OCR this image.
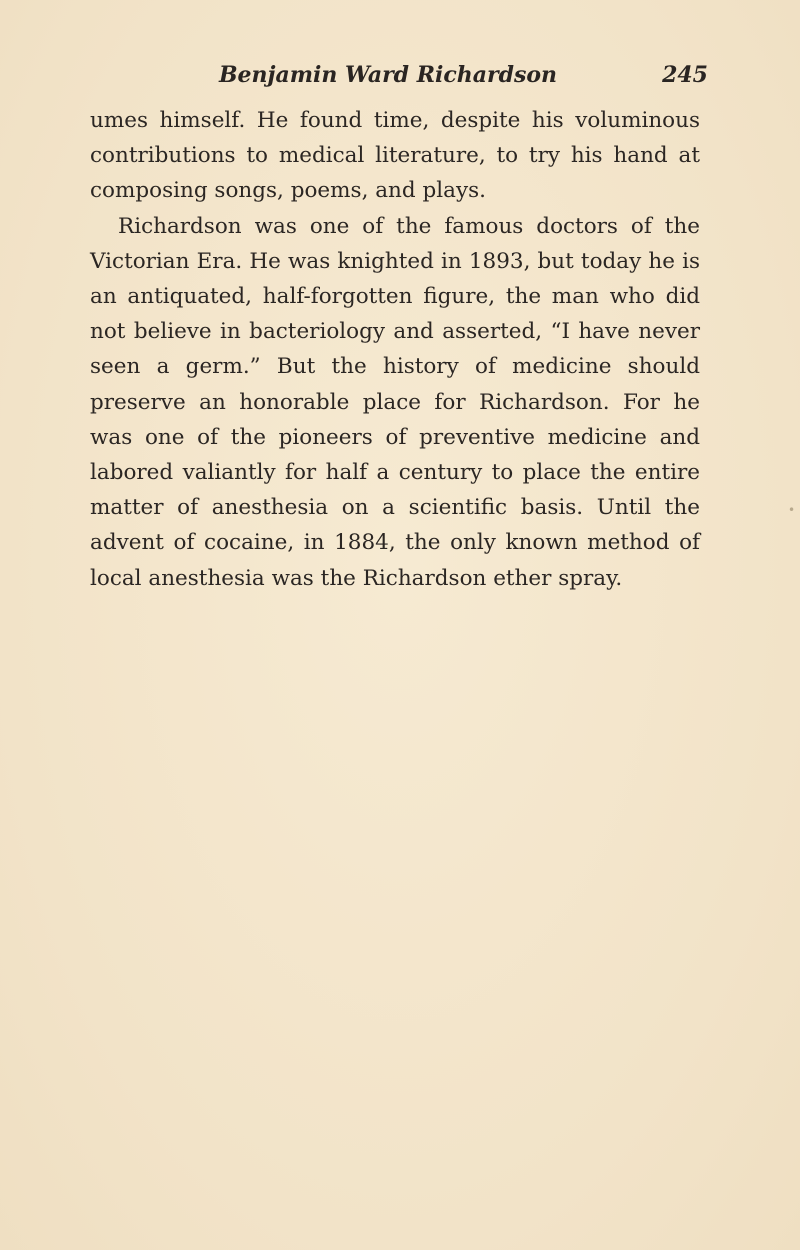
Benjamin Ward Richardson	245

umes himself. He found time, despite his voluminous contributions to medical literature, to try his hand at composing songs, poems, and plays.

Richardson was one of the famous doctors of the Victorian Era. He was knighted in 1893, but today he is an antiquated, half-forgotten figure, the man who did not believe in bacteriology and asserted, “I have never seen a germ.” But the history of medicine should preserve an honorable place for Richardson. For he was one of the pioneers of preventive medicine and labored valiantly for half a century to place the entire matter of anesthesia on a scientific basis. Until the advent of cocaine, in 1884, the only known method of local anesthesia was the Richardson ether spray.

•
